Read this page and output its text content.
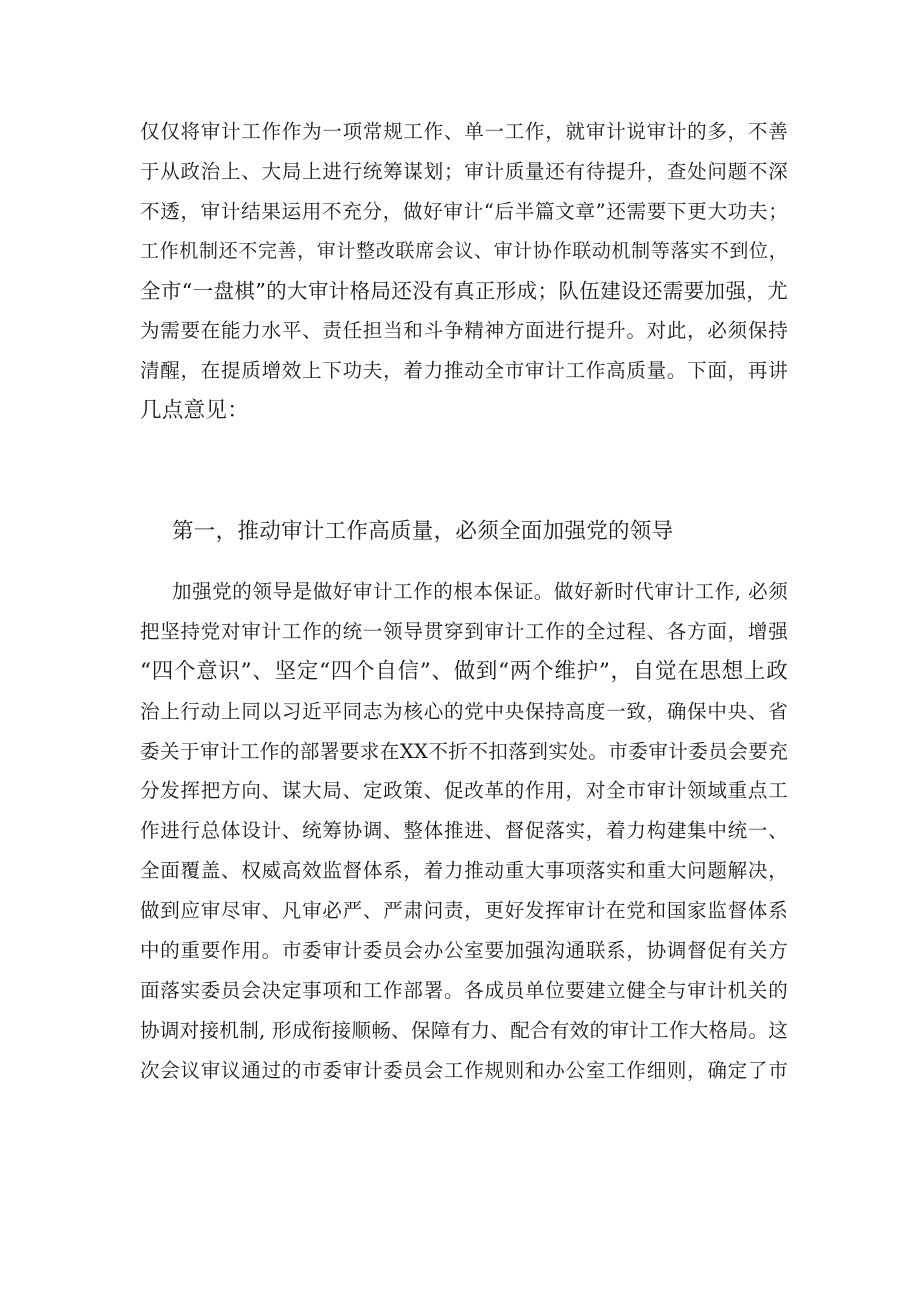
仅仅将审计工作作为一项常规工作、单一工作，就审计说审计的多，不善
于从政治上、大局上进行统筹谋划；审计质量还有待提升，查处问题不深
不透，审计结果运用不充分，做好审计“后半篇文章”还需要下更大功夫；
工作机制还不完善，审计整改联席会议、审计协作联动机制等落实不到位，
全市“一盘棋”的大审计格局还没有真正形成；队伍建设还需要加强，尤
为需要在能力水平、责任担当和斗争精神方面进行提升。对此，必须保持
清醒，在提质增效上下功夫，着力推动全市审计工作高质量。下面，再讲
几点意见：
第一，推动审计工作高质量，必须全面加强党的领导
加强党的领导是做好审计工作的根本保证。做好新时代审计工作, 必须
把坚持党对审计工作的统一领导贯穿到审计工作的全过程、各方面，增强
“四个意识”、坚定“四个自信”、做到“两个维护”，自觉在思想上政
治上行动上同以习近平同志为核心的党中央保持高度一致，确保中央、省
委关于审计工作的部署要求在XX不折不扣落到实处。市委审计委员会要充
分发挥把方向、谋大局、定政策、促改革的作用，对全市审计领域重点工
作进行总体设计、统筹协调、整体推进、督促落实，着力构建集中统一、
全面覆盖、权威高效监督体系，着力推动重大事项落实和重大问题解决，
做到应审尽审、凡审必严、严肃问责，更好发挥审计在党和国家监督体系
中的重要作用。市委审计委员会办公室要加强沟通联系，协调督促有关方
面落实委员会决定事项和工作部署。各成员单位要建立健全与审计机关的
协调对接机制, 形成衔接顺畅、保障有力、配合有效的审计工作大格局。这
次会议审议通过的市委审计委员会工作规则和办公室工作细则，确定了市
